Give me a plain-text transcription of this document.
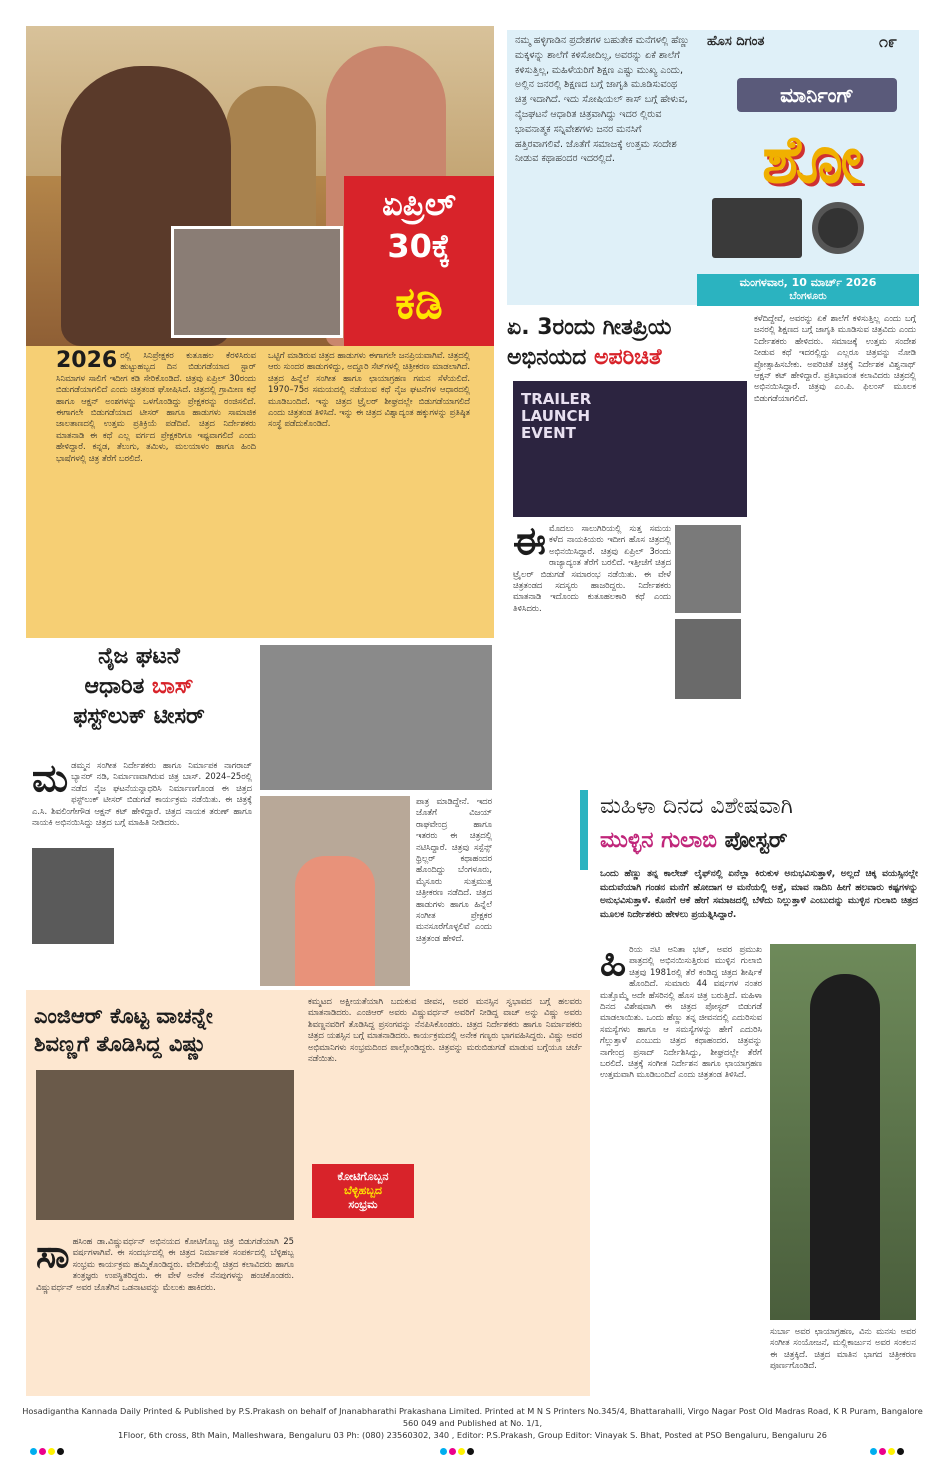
ಏಪ್ರಿಲ್
30ಕ್ಕೆ
ಕಡಿ
2026 ರಲ್ಲಿ ಸಿನಿಪ್ರೇಕ್ಷಕರ ಕುತೂಹಲ ಕೆರಳಿಸಿರುವ ಹುಟ್ಟುಹಬ್ಬದ ದಿನ ಬಿಡುಗಡೆಯಾದ ಸ್ಟಾರ್ ಸಿನಿಮಾಗಳ ಸಾಲಿಗೆ ಇದೀಗ ಕಡಿ ಸೇರಿಕೊಂಡಿದೆ. ಚಿತ್ರವು ಏಪ್ರಿಲ್ 30ರಂದು ಬಿಡುಗಡೆಯಾಗಲಿದೆ ಎಂದು ಚಿತ್ರತಂಡ ಘೋಷಿಸಿದೆ. ಚಿತ್ರದಲ್ಲಿ ಗ್ರಾಮೀಣ ಕಥೆ ಹಾಗೂ ಆಕ್ಷನ್ ಅಂಶಗಳನ್ನು ಒಳಗೊಂಡಿದ್ದು ಪ್ರೇಕ್ಷಕರನ್ನು ರಂಜಿಸಲಿದೆ. ಈಗಾಗಲೇ ಬಿಡುಗಡೆಯಾದ ಟೀಸರ್ ಹಾಗೂ ಹಾಡುಗಳು ಸಾಮಾಜಿಕ ಜಾಲತಾಣದಲ್ಲಿ ಉತ್ತಮ ಪ್ರತಿಕ್ರಿಯೆ ಪಡೆದಿವೆ. ಚಿತ್ರದ ನಿರ್ದೇಶಕರು ಮಾತನಾಡಿ ಈ ಕಥೆ ಎಲ್ಲ ವರ್ಗದ ಪ್ರೇಕ್ಷಕರಿಗೂ ಇಷ್ಟವಾಗಲಿದೆ ಎಂದು ಹೇಳಿದ್ದಾರೆ. ಕನ್ನಡ, ತೆಲುಗು, ತಮಿಳು, ಮಲಯಾಳಂ ಹಾಗೂ ಹಿಂದಿ ಭಾಷೆಗಳಲ್ಲಿ ಚಿತ್ರ ತೆರೆಗೆ ಬರಲಿದೆ.
ಒಟ್ಟಿಗೆ ಮಾಡಿರುವ ಚಿತ್ರದ ಹಾಡುಗಳು ಈಗಾಗಲೇ ಜನಪ್ರಿಯವಾಗಿವೆ. ಚಿತ್ರದಲ್ಲಿ ಆರು ಸುಂದರ ಹಾಡುಗಳಿದ್ದು, ಅದ್ದೂರಿ ಸೆಟ್‌ಗಳಲ್ಲಿ ಚಿತ್ರೀಕರಣ ಮಾಡಲಾಗಿದೆ. ಚಿತ್ರದ ಹಿನ್ನೆಲೆ ಸಂಗೀತ ಹಾಗೂ ಛಾಯಾಗ್ರಹಣ ಗಮನ ಸೆಳೆಯಲಿದೆ. 1970–75ರ ಸಮಯದಲ್ಲಿ ನಡೆಯುವ ಕಥೆ ನೈಜ ಘಟನೆಗಳ ಆಧಾರದಲ್ಲಿ ಮೂಡಿಬಂದಿದೆ. ಇನ್ನು ಚಿತ್ರದ ಟ್ರೈಲರ್ ಶೀಘ್ರದಲ್ಲೇ ಬಿಡುಗಡೆಯಾಗಲಿದೆ ಎಂದು ಚಿತ್ರತಂಡ ತಿಳಿಸಿದೆ. ಇನ್ನು ಈ ಚಿತ್ರದ ವಿಶ್ವಾದ್ಯಂತ ಹಕ್ಕುಗಳನ್ನು ಪ್ರತಿಷ್ಠಿತ ಸಂಸ್ಥೆ ಪಡೆದುಕೊಂಡಿದೆ.
ನಮ್ಮ ಹಳ್ಳಿಗಾಡಿನ ಪ್ರದೇಶಗಳ ಬಹುತೇಕ ಮನೆಗಳಲ್ಲಿ ಹೆಣ್ಣು ಮಕ್ಕಳನ್ನು ಶಾಲೆಗೆ ಕಳಿಸೋದಿಲ್ಲ, ಅವರನ್ನು ಏಕೆ ಶಾಲೆಗೆ ಕಳಿಸುತ್ತಿಲ್ಲ, ಮಹಿಳೆಯರಿಗೆ ಶಿಕ್ಷಣ ಎಷ್ಟು ಮುಖ್ಯ ಎಂದು, ಅಲ್ಲಿನ ಜನರಲ್ಲಿ ಶಿಕ್ಷಣದ ಬಗ್ಗೆ ಜಾಗೃತಿ ಮೂಡಿಸುವಂಥ ಚಿತ್ರ ಇದಾಗಿದೆ. ಇದು ಸೋಷಿಯಲ್ ಕಾಸ್ ಬಗ್ಗೆ ಹೇಳುವ, ನೈಜಘಟನೆ ಆಧಾರಿತ ಚಿತ್ರವಾಗಿದ್ದು ಇದರ ಲ್ಲಿರುವ ಭಾವನಾತ್ಮಕ ಸನ್ನಿವೇಶಗಳು ಜನರ ಮನಸಿಗೆ ಹತ್ತಿರವಾಗಲಿವೆ. ಜೊತೆಗೆ ಸಮಾಜಕ್ಕೆ ಉತ್ತಮ ಸಂದೇಶ ನೀಡುವ ಕಥಾಹಂದರ ಇದರಲ್ಲಿದೆ.
ಹೊಸ ದಿಗಂತ	೧೯
ಮಾರ್ನಿಂಗ್
ಶೋ
ಮಂಗಳವಾರ, 10 ಮಾರ್ಚ್ 2026
ಬೆಂಗಳೂರು
ಏ. 3ರಂದು ಗೀತಪ್ರಿಯ
ಅಭಿನಯದ ಅಪರಿಚಿತೆ
TRAILER LAUNCH EVENT
ಈ ಮೊದಲು ಸಾಲುಗಿರಿಯಲ್ಲಿ ಸುತ್ತ ಸಮಯ ಕಳೆದ ನಾಯಕಿಯರು ಇದೀಗ ಹೊಸ ಚಿತ್ರದಲ್ಲಿ ಅಭಿನಯಿಸಿದ್ದಾರೆ. ಚಿತ್ರವು ಏಪ್ರಿಲ್ 3ರಂದು ರಾಜ್ಯಾದ್ಯಂತ ತೆರೆಗೆ ಬರಲಿದೆ. ಇತ್ತೀಚೆಗೆ ಚಿತ್ರದ ಟ್ರೈಲರ್ ಬಿಡುಗಡೆ ಸಮಾರಂಭ ನಡೆಯಿತು. ಈ ವೇಳೆ ಚಿತ್ರತಂಡದ ಸದಸ್ಯರು ಹಾಜರಿದ್ದರು. ನಿರ್ದೇಶಕರು ಮಾತನಾಡಿ ಇದೊಂದು ಕುತೂಹಲಕಾರಿ ಕಥೆ ಎಂದು ತಿಳಿಸಿದರು.
ಕಳೆದಿದ್ದೇವೆ, ಅವರನ್ನು ಏಕೆ ಶಾಲೆಗೆ ಕಳಿಸುತ್ತಿಲ್ಲ ಎಂದು ಬಗ್ಗೆ ಜನರಲ್ಲಿ ಶಿಕ್ಷಣದ ಬಗ್ಗೆ ಜಾಗೃತಿ ಮೂಡಿಸುವ ಚಿತ್ರವಿದು ಎಂದು ನಿರ್ದೇಶಕರು ಹೇಳಿದರು. ಸಮಾಜಕ್ಕೆ ಉತ್ತಮ ಸಂದೇಶ ನೀಡುವ ಕಥೆ ಇದರಲ್ಲಿದ್ದು ಎಲ್ಲರೂ ಚಿತ್ರವನ್ನು ನೋಡಿ ಪ್ರೋತ್ಸಾಹಿಸಬೇಕು. ಅಪರಿಚಿತೆ ಚಿತ್ರಕ್ಕೆ ನಿರ್ದೇಶಕ ವಿಶ್ವನಾಥ್ ಆಕ್ಷನ್ ಕಟ್ ಹೇಳಿದ್ದಾರೆ. ಪ್ರತಿಭಾವಂತ ಕಲಾವಿದರು ಚಿತ್ರದಲ್ಲಿ ಅಭಿನಯಿಸಿದ್ದಾರೆ. ಚಿತ್ರವು ಎಂ.ಪಿ. ಫಿಲಂಸ್ ಮೂಲಕ ಬಿಡುಗಡೆಯಾಗಲಿದೆ.
ನೈಜ ಘಟನೆ
ಆಧಾರಿತ ಬಾಸ್
ಫಸ್ಟ್‌ಲುಕ್ ಟೀಸರ್
ಮ ಡಮ್ಮನ ಸಂಗೀತ ನಿರ್ದೇಶಕರು ಹಾಗೂ ನಿರ್ಮಾಪಕ ನಾಗರಾಜ್ ಬ್ಯಾನರ್ ನಡಿ, ನಿರ್ಮಾಣವಾಗಿರುವ ಚಿತ್ರ ಬಾಸ್. 2024–25ರಲ್ಲಿ ನಡೆದ ನೈಜ ಘಟನೆಯನ್ನಾಧರಿಸಿ ನಿರ್ಮಾಣಗೊಂಡ ಈ ಚಿತ್ರದ ಫಸ್ಟ್‌ಲುಕ್ ಟೀಸರ್ ಬಿಡುಗಡೆ ಕಾರ್ಯಕ್ರಮ ನಡೆಯಿತು. ಈ ಚಿತ್ರಕ್ಕೆ ಎ.ಸಿ. ಶಿವಲಿಂಗೇಗೌಡ ಆಕ್ಷನ್ ಕಟ್ ಹೇಳಿದ್ದಾರೆ. ಚಿತ್ರದ ನಾಯಕ ತರುಣ್ ಹಾಗೂ ನಾಯಕಿ ಅಭಿನಯಿಸಿದ್ದು ಚಿತ್ರದ ಬಗ್ಗೆ ಮಾಹಿತಿ ನೀಡಿದರು.
ಪಾತ್ರ ಮಾಡಿದ್ದೇನೆ. ಇದರ ಜೊತೆಗೆ ವಿಜಯ್ ರಾಘವೇಂದ್ರ ಹಾಗೂ ಇತರರು ಈ ಚಿತ್ರದಲ್ಲಿ ನಟಿಸಿದ್ದಾರೆ. ಚಿತ್ರವು ಸಸ್ಪೆನ್ಸ್ ಥ್ರಿಲ್ಲರ್ ಕಥಾಹಂದರ ಹೊಂದಿದ್ದು ಬೆಂಗಳೂರು, ಮೈಸೂರು ಸುತ್ತಮುತ್ತ ಚಿತ್ರೀಕರಣ ನಡೆದಿದೆ. ಚಿತ್ರದ ಹಾಡುಗಳು ಹಾಗೂ ಹಿನ್ನೆಲೆ ಸಂಗೀತ ಪ್ರೇಕ್ಷಕರ ಮನಸೂರೆಗೊಳ್ಳಲಿವೆ ಎಂದು ಚಿತ್ರತಂಡ ಹೇಳಿದೆ.
ಮಹಿಳಾ ದಿನದ ವಿಶೇಷವಾಗಿ
ಮುಳ್ಳಿನ ಗುಲಾಬಿ ಪೋಸ್ಟರ್
ಒಂದು ಹೆಣ್ಣು ತನ್ನ ಕಾಲೇಜ್ ಲೈಫ್‌ನಲ್ಲಿ ಏನೆಲ್ಲಾ ಕಿರುಕುಳ ಅನುಭವಿಸುತ್ತಾಳೆ, ಅಲ್ಲದೆ ಚಿಕ್ಕ ವಯಸ್ಸಿನಲ್ಲೇ ಮದುವೆಯಾಗಿ ಗಂಡನ ಮನೆಗೆ ಹೋದಾಗ ಆ ಮನೆಯಲ್ಲಿ ಅತ್ತೆ, ಮಾವ ನಾದಿನಿ ಹೀಗೆ ಹಲವಾರು ಕಷ್ಟಗಳನ್ನು ಅನುಭವಿಸುತ್ತಾಳೆ. ಕೊನೆಗೆ ಆಕೆ ಹೇಗೆ ಸಮಾಜದಲ್ಲಿ ಬೆಳೆದು ನಿಲ್ಲುತ್ತಾಳೆ ಎಂಬುದನ್ನು ಮುಳ್ಳಿನ ಗುಲಾಬಿ ಚಿತ್ರದ ಮೂಲಕ ನಿರ್ದೇಶಕರು ಹೇಳಲು ಪ್ರಯತ್ನಿಸಿದ್ದಾರೆ.
ಹಿ ರಿಯ ನಟಿ ಅನಿತಾ ಭಟ್, ಅವರ ಪ್ರಮುಖ ಪಾತ್ರದಲ್ಲಿ ಅಭಿನಯಿಸುತ್ತಿರುವ ಮುಳ್ಳಿನ ಗುಲಾಬಿ ಚಿತ್ರವು 1981ರಲ್ಲಿ ತೆರೆ ಕಂಡಿದ್ದ ಚಿತ್ರದ ಶೀರ್ಷಿಕೆ ಹೊಂದಿದೆ. ಸುಮಾರು 44 ವರ್ಷಗಳ ನಂತರ ಮತ್ತೊಮ್ಮೆ ಅದೇ ಹೆಸರಿನಲ್ಲಿ ಹೊಸ ಚಿತ್ರ ಬರುತ್ತಿದೆ. ಮಹಿಳಾ ದಿನದ ವಿಶೇಷವಾಗಿ ಈ ಚಿತ್ರದ ಪೋಸ್ಟರ್ ಬಿಡುಗಡೆ ಮಾಡಲಾಯಿತು. ಒಂದು ಹೆಣ್ಣು ತನ್ನ ಜೀವನದಲ್ಲಿ ಎದುರಿಸುವ ಸಮಸ್ಯೆಗಳು ಹಾಗೂ ಆ ಸಮಸ್ಯೆಗಳನ್ನು ಹೇಗೆ ಎದುರಿಸಿ ಗೆಲ್ಲುತ್ತಾಳೆ ಎಂಬುದು ಚಿತ್ರದ ಕಥಾಹಂದರ. ಚಿತ್ರವನ್ನು ನಾಗೇಂದ್ರ ಪ್ರಸಾದ್ ನಿರ್ದೇಶಿಸಿದ್ದು, ಶೀಘ್ರದಲ್ಲೇ ತೆರೆಗೆ ಬರಲಿದೆ. ಚಿತ್ರಕ್ಕೆ ಸಂಗೀತ ನಿರ್ದೇಶನ ಹಾಗೂ ಛಾಯಾಗ್ರಹಣ ಉತ್ತಮವಾಗಿ ಮೂಡಿಬಂದಿದೆ ಎಂದು ಚಿತ್ರತಂಡ ತಿಳಿಸಿದೆ.
ಸುರ್ಬಾ ಅವರ ಛಾಯಾಗ್ರಹಣ, ವಿನು ಮನಸು ಅವರ ಸಂಗೀತ ಸಂಯೋಜನೆ, ಮಲ್ಲಿಕಾರ್ಜುನ ಅವರ ಸಂಕಲನ ಈ ಚಿತ್ರಕ್ಕಿದೆ. ಚಿತ್ರದ ಮಾತಿನ ಭಾಗದ ಚಿತ್ರೀಕರಣ ಪೂರ್ಣಗೊಂಡಿದೆ.
ಎಂಜಿಆರ್ ಕೊಟ್ಟ ವಾಚನ್ನೇ
ಶಿವಣ್ಣಗೆ ತೊಡಿಸಿದ್ದ ವಿಷ್ಣು
ಕೋಟಿಗೊಬ್ಬನ
ಬೆಳ್ಳಿಹಬ್ಬದ
ಸಂಭ್ರಮ
ಸಾ ಹಸಿಂಹ ಡಾ.ವಿಷ್ಣುವರ್ಧನ್ ಅಭಿನಯದ ಕೋಟಿಗೊಬ್ಬ ಚಿತ್ರ ಬಿಡುಗಡೆಯಾಗಿ 25 ವರ್ಷಗಳಾಗಿವೆ. ಈ ಸಂದರ್ಭದಲ್ಲಿ ಈ ಚಿತ್ರದ ನಿರ್ಮಾಪಕ ಸಂಪರ್ಕದಲ್ಲಿ ಬೆಳ್ಳಿಹಬ್ಬ ಸಂಭ್ರಮ ಕಾರ್ಯಕ್ರಮ ಹಮ್ಮಿಕೊಂಡಿದ್ದರು. ವೇದಿಕೆಯಲ್ಲಿ ಚಿತ್ರದ ಕಲಾವಿದರು ಹಾಗೂ ತಂತ್ರಜ್ಞರು ಉಪಸ್ಥಿತರಿದ್ದರು. ಈ ವೇಳೆ ಅನೇಕ ನೆನಪುಗಳನ್ನು ಹಂಚಿಕೊಂಡರು. ವಿಷ್ಣುವರ್ಧನ್ ಅವರ ಜೊತೆಗಿನ ಒಡನಾಟವನ್ನು ಮೆಲುಕು ಹಾಕಿದರು.
ಕಮ್ಮಟದ ಅಕ್ಷೀಯತೆಯಾಗಿ ಬದುಕುವ ಜೀವನ, ಅವರ ಮನಸ್ಸಿನ ಸ್ವಭಾವದ ಬಗ್ಗೆ ಹಲವರು ಮಾತನಾಡಿದರು. ಎಂಜಿಆರ್ ಅವರು ವಿಷ್ಣುವರ್ಧನ್ ಅವರಿಗೆ ನೀಡಿದ್ದ ವಾಚ್ ಅನ್ನು ವಿಷ್ಣು ಅವರು ಶಿವಣ್ಣನವರಿಗೆ ತೊಡಿಸಿದ್ದ ಪ್ರಸಂಗವನ್ನು ನೆನಪಿಸಿಕೊಂಡರು. ಚಿತ್ರದ ನಿರ್ದೇಶಕರು ಹಾಗೂ ನಿರ್ಮಾಪಕರು ಚಿತ್ರದ ಯಶಸ್ಸಿನ ಬಗ್ಗೆ ಮಾತನಾಡಿದರು. ಕಾರ್ಯಕ್ರಮದಲ್ಲಿ ಅನೇಕ ಗಣ್ಯರು ಭಾಗವಹಿಸಿದ್ದರು. ವಿಷ್ಣು ಅವರ ಅಭಿಮಾನಿಗಳು ಸಂಭ್ರಮದಿಂದ ಪಾಲ್ಗೊಂಡಿದ್ದರು. ಚಿತ್ರವನ್ನು ಮರುಬಿಡುಗಡೆ ಮಾಡುವ ಬಗ್ಗೆಯೂ ಚರ್ಚೆ ನಡೆಯಿತು.
Hosadigantha Kannada Daily Printed & Published by P.S.Prakash on behalf of Jnanabharathi Prakashana Limited. Printed at M N S Printers No.345/4, Bhattarahalli, Virgo Nagar Post Old Madras Road, K R Puram, Bangalore 560 049 and Published at No. 1/1,
1Floor, 6th cross, 8th Main, Malleshwara, Bengaluru 03 Ph: (080) 23560302, 340 , Editor: P.S.Prakash, Group Editor: Vinayak S. Bhat, Posted at PSO Bengaluru, Bengaluru 26
